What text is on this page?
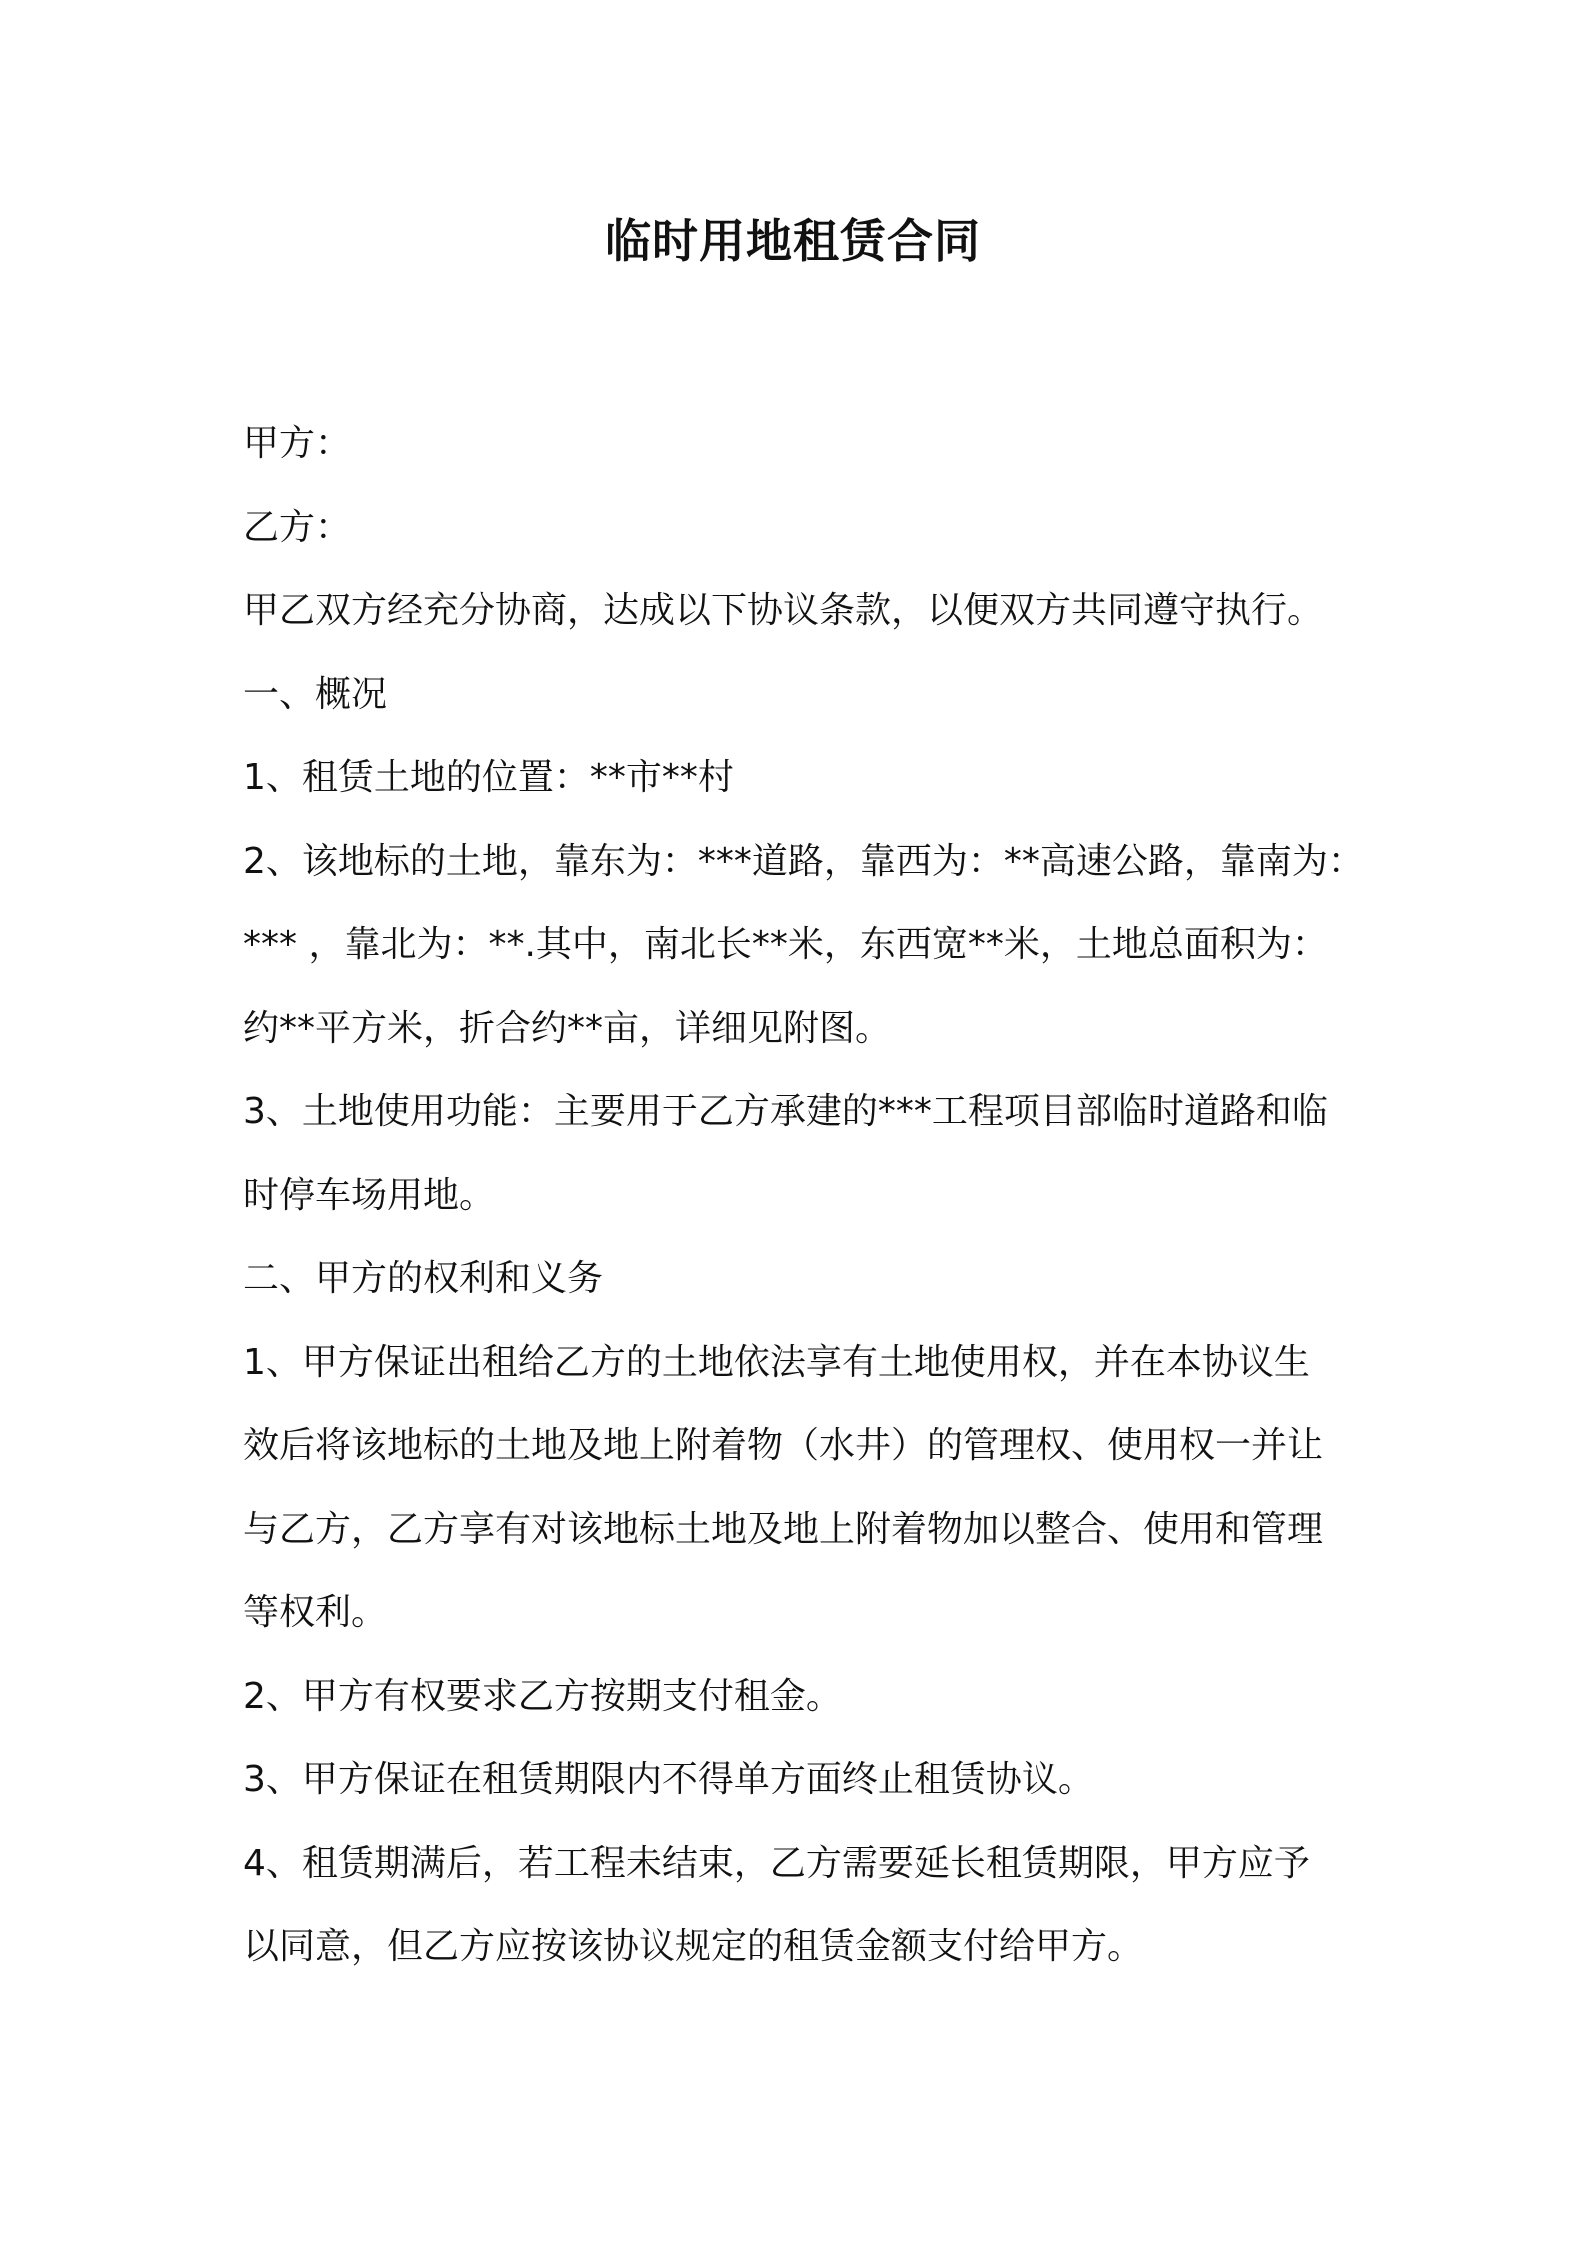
临时用地租赁合同

甲方：

乙方：

甲乙双方经充分协商，达成以下协议条款，以便双方共同遵守执行。

一、概况

1、租赁土地的位置：**市**村

2、该地标的土地，靠东为：***道路，靠西为：**高速公路，靠南为：

*** ，靠北为：**.其中，南北长**米，东西宽**米，土地总面积为：

约**平方米，折合约**亩，详细见附图。

3、土地使用功能：主要用于乙方承建的***工程项目部临时道路和临

时停车场用地。

二、甲方的权利和义务

1、甲方保证出租给乙方的土地依法享有土地使用权，并在本协议生

效后将该地标的土地及地上附着物（水井）的管理权、使用权一并让

与乙方，乙方享有对该地标土地及地上附着物加以整合、使用和管理

等权利。

2、甲方有权要求乙方按期支付租金。

3、甲方保证在租赁期限内不得单方面终止租赁协议。

4、租赁期满后，若工程未结束，乙方需要延长租赁期限，甲方应予

以同意，但乙方应按该协议规定的租赁金额支付给甲方。
